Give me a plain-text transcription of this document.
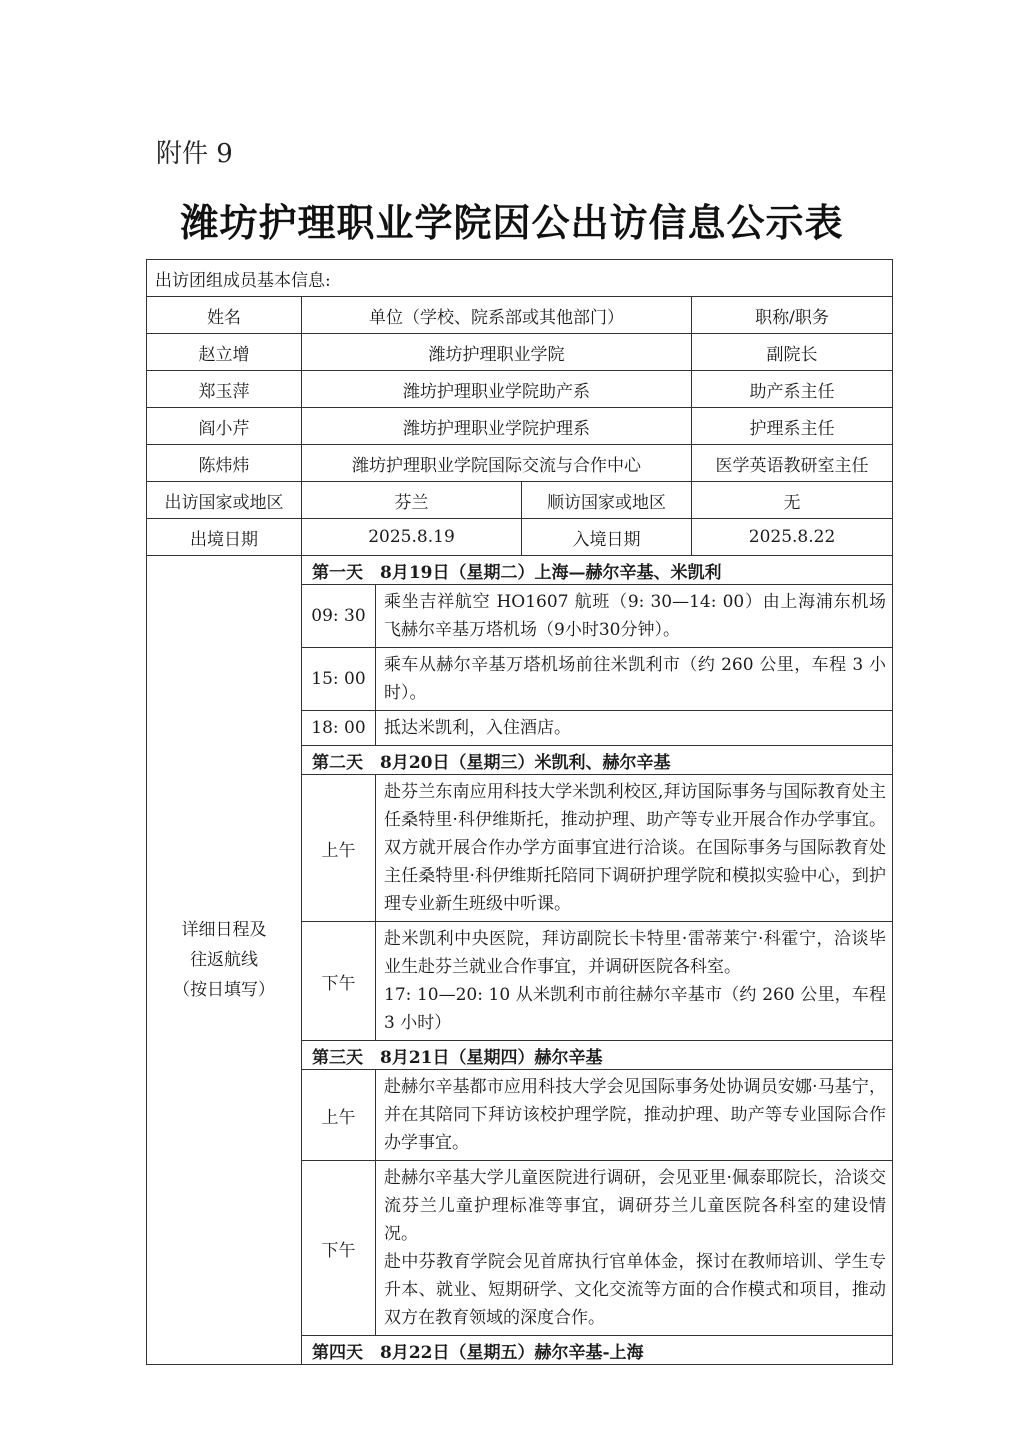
附件 9
潍坊护理职业学院因公出访信息公示表
出访团组成员基本信息:				
姓名	单位（学校、院系部或其他部门）			职称/职务
赵立增	潍坊护理职业学院			副院长
郑玉萍	潍坊护理职业学院助产系			助产系主任
阎小芹	潍坊护理职业学院护理系			护理系主任
陈炜炜	潍坊护理职业学院国际交流与合作中心			医学英语教研室主任
出访国家或地区	芬兰		顺访国家或地区	无
出境日期	2025.8.19		入境日期	2025.8.22

详细日程及
往返航线
（按日填写）	第一天　8月19日（星期二）上海—赫尔辛基、米凯利			
	09: 30	乘坐吉祥航空 HO1607 航班（9: 30—14: 00）由上海浦东机场飞赫尔辛基万塔机场（9小时30分钟）。		
	15: 00	乘车从赫尔辛基万塔机场前往米凯利市（约 260 公里，车程 3 小时）。		
	18: 00	抵达米凯利，入住酒店。		
	第二天　8月20日（星期三）米凯利、赫尔辛基			
	上午	赴芬兰东南应用科技大学米凯利校区,拜访国际事务与国际教育处主任桑特里·科伊维斯托，推动护理、助产等专业开展合作办学事宜。双方就开展合作办学方面事宜进行洽谈。在国际事务与国际教育处主任桑特里·科伊维斯托陪同下调研护理学院和模拟实验中心，到护理专业新生班级中听课。		
	下午	赴米凯利中央医院，拜访副院长卡特里·雷蒂莱宁·科霍宁，洽谈毕业生赴芬兰就业合作事宜，并调研医院各科室。
17: 10—20: 10 从米凯利市前往赫尔辛基市（约 260 公里，车程 3 小时）		

	第三天　8月21日（星期四）赫尔辛基			
	上午	赴赫尔辛基都市应用科技大学会见国际事务处协调员安娜·马基宁，并在其陪同下拜访该校护理学院，推动护理、助产等专业国际合作办学事宜。		
	下午	赴赫尔辛基大学儿童医院进行调研，会见亚里·佩泰耶院长，洽谈交流芬兰儿童护理标准等事宜，调研芬兰儿童医院各科室的建设情况。
赴中芬教育学院会见首席执行官单体金，探讨在教师培训、学生专升本、就业、短期研学、文化交流等方面的合作模式和项目，推动双方在教育领域的深度合作。		

	第四天　8月22日（星期五）赫尔辛基-上海			
